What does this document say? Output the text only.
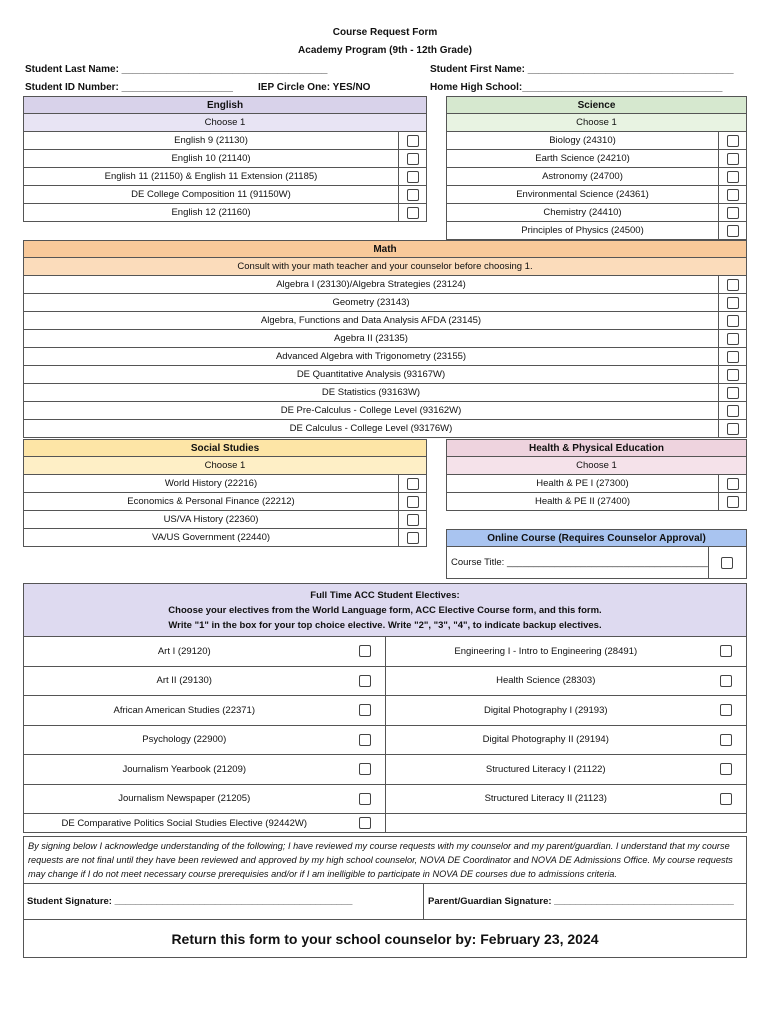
Course Request Form
Academy Program (9th - 12th Grade)
Student Last Name: _____________________________________	Student First Name: _____________________________________
Student ID Number: ____________________	IEP Circle One: YES/NO	Home High School:____________________________________
English
Choose 1
English 9 (21130)
English 10 (21140)
English 11 (21150) & English 11 Extension (21185)
DE College Composition 11 (91150W)
English 12 (21160)
Science
Choose 1
Biology (24310)
Earth Science (24210)
Astronomy (24700)
Environmental Science (24361)
Chemistry (24410)
Principles of Physics (24500)
Math
Consult with your math teacher and your counselor before choosing 1.
Algebra I (23130)/Algebra Strategies (23124)
Geometry (23143)
Algebra, Functions and Data Analysis AFDA (23145)
Agebra II (23135)
Advanced Algebra with Trigonometry (23155)
DE Quantitative Analysis (93167W)
DE Statistics (93163W)
DE Pre-Calculus - College Level (93162W)
DE Calculus - College Level (93176W)
Social Studies
Choose 1
World History (22216)
Economics & Personal Finance (22212)
US/VA History (22360)
VA/US Government (22440)
Health & Physical Education
Choose 1
Health & PE I (27300)
Health & PE II (27400)
Online Course (Requires Counselor Approval)
Course Title: ______________________________________
Full Time ACC Student Electives:
Choose your electives from the World Language form, ACC Elective Course form, and this form.
Write "1" in the box for your top choice elective. Write "2", "3", "4", to indicate backup electives.
Art I (29120)	Engineering I - Intro to Engineering (28491)
Art II (29130)	Health Science (28303)
African American Studies (22371)	Digital Photography I (29193)
Psychology (22900)	Digital Photography II (29194)
Journalism Yearbook (21209)	Structured Literacy I (21122)
Journalism Newspaper (21205)	Structured Literacy II (21123)
DE Comparative Politics Social Studies Elective (92442W)
By signing below I acknowledge understanding of the following; I have reviewed my course requests with my counselor and my parent/guardian. I understand that my course requests are not final until they have been reviewed and approved by my high school counselor, NOVA DE Coordinator and NOVA DE Admissions Office. My course requests may change if I do not meet necessary course prerequisies and/or if I am inelligible to participate in NOVA DE courses due to admissions criteria.
Student Signature: _____________________________________________	Parent/Guardian Signature: __________________________________
Return this form to your school counselor by: February 23, 2024
